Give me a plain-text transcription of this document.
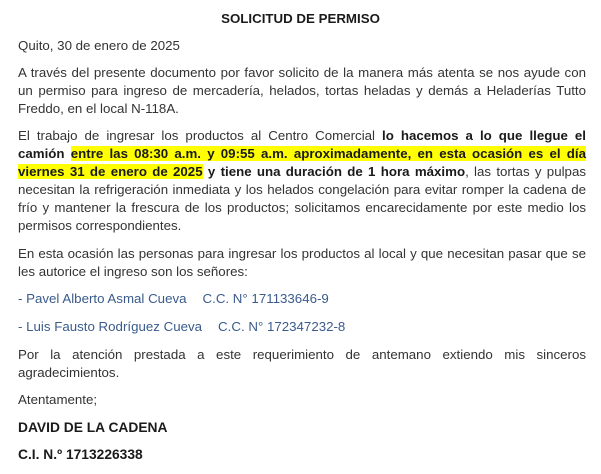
SOLICITUD DE PERMISO
Quito, 30 de enero de 2025
A través del presente documento por favor solicito de la manera más atenta se nos ayude con un permiso para ingreso de mercadería, helados, tortas heladas y demás a Heladerías Tutto Freddo, en el local N-118A.
El trabajo de ingresar los productos al Centro Comercial lo hacemos a lo que llegue el camión entre las 08:30 a.m. y 09:55 a.m. aproximadamente, en esta ocasión es el día viernes 31 de enero de 2025 y tiene una duración de 1 hora máximo, las tortas y pulpas necesitan la refrigeración inmediata y los helados congelación para evitar romper la cadena de frío y mantener la frescura de los productos; solicitamos encarecidamente por este medio los permisos correspondientes.
En esta ocasión las personas para ingresar los productos al local y que necesitan pasar que se les autorice el ingreso son los señores:
- Pavel Alberto Asmal Cueva C.C. N° 171133646-9
- Luis Fausto Rodríguez Cueva C.C. N° 172347232-8
Por la atención prestada a este requerimiento de antemano extiendo mis sinceros agradecimientos.
Atentamente;
DAVID DE LA CADENA
C.I. N.º 1713226338
